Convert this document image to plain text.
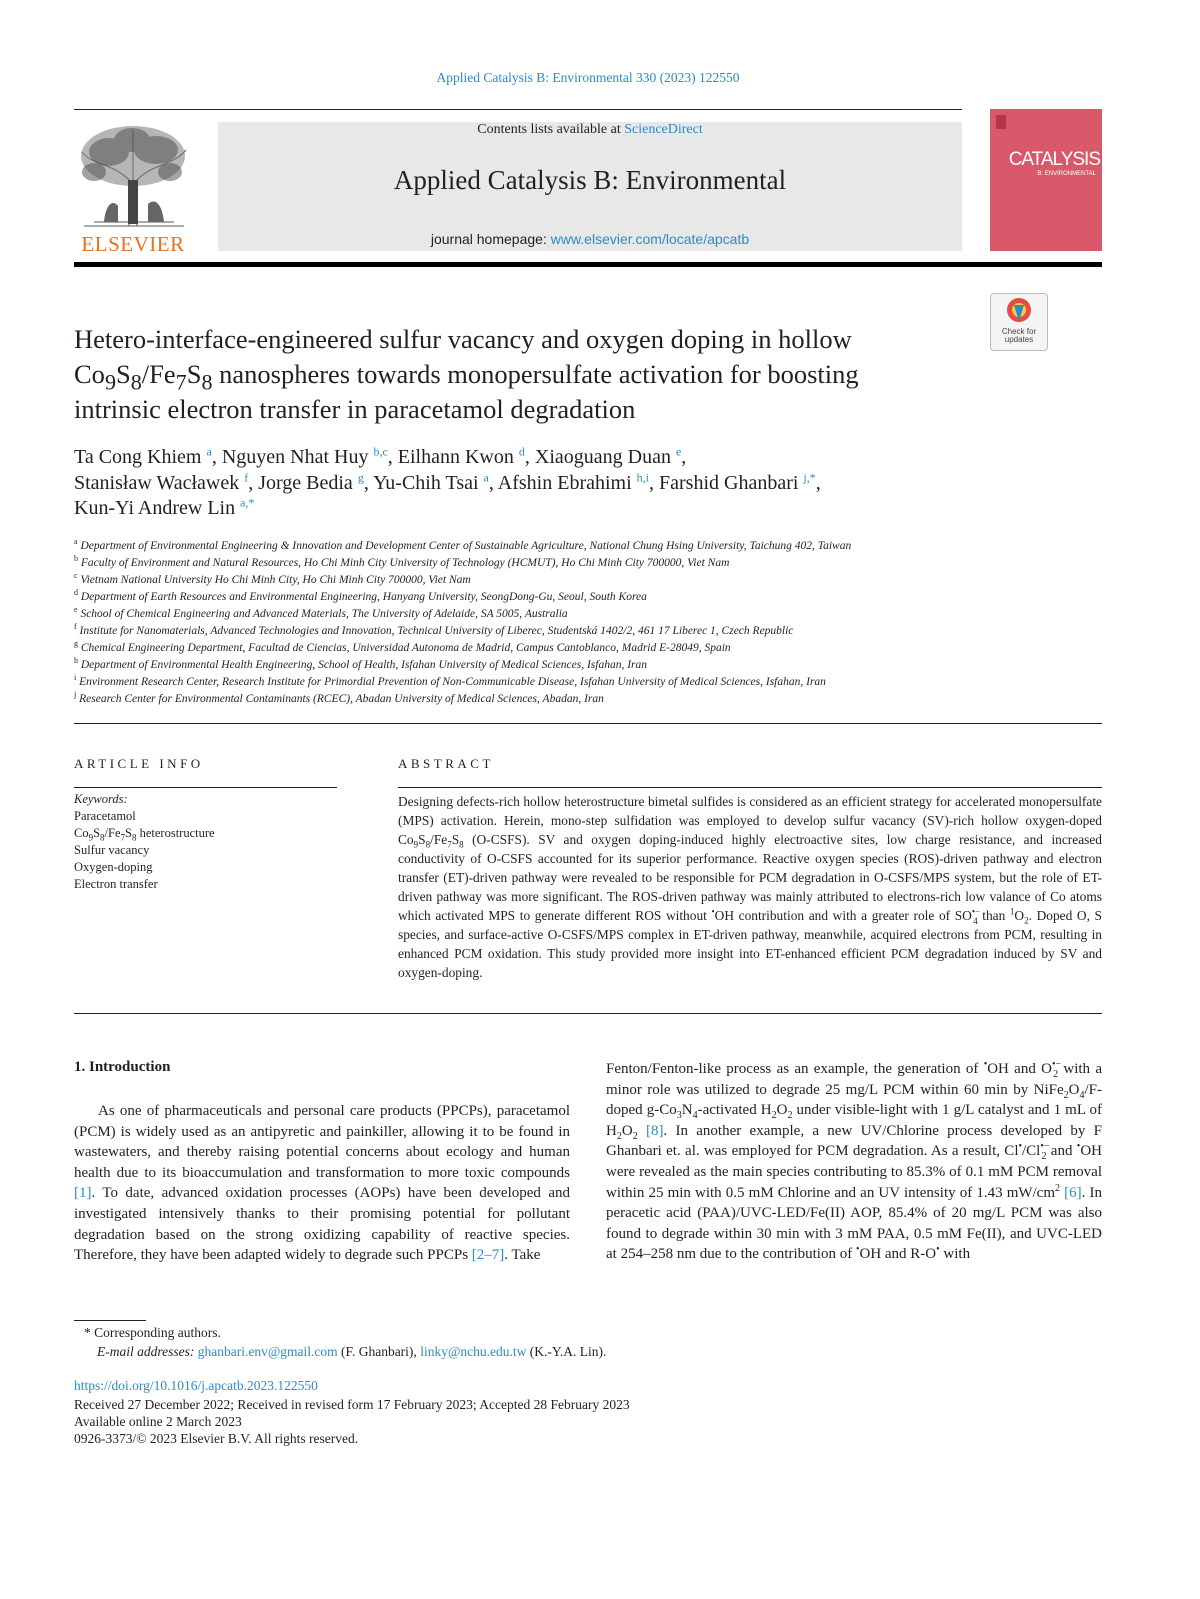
Applied Catalysis B: Environmental 330 (2023) 122550
ELSEVIER
Contents lists available at ScienceDirect
Applied Catalysis B: Environmental
journal homepage: www.elsevier.com/locate/apcatb
CATALYSIS
B: ENVIRONMENTAL
Check for updates
Hetero-interface-engineered sulfur vacancy and oxygen doping in hollow
$Co_9S_8/Fe_7S_8$ nanospheres towards monopersulfate activation for boosting
intrinsic electron transfer in paracetamol degradation
Ta Cong Khiem $^a$, Nguyen Nhat Huy $^{b,c}$, Eilhann Kwon $^d$, Xiaoguang Duan $^e$,
Stanisław Wacławek $^f$, Jorge Bedia $^g$, Yu-Chih Tsai $^a$, Afshin Ebrahimi $^{h,i}$, Farshid Ghanbari $^{j,*}$,
Kun-Yi Andrew Lin $^{a,*}$
$^a$ Department of Environmental Engineering & Innovation and Development Center of Sustainable Agriculture, National Chung Hsing University, Taichung 402, Taiwan
$^b$ Faculty of Environment and Natural Resources, Ho Chi Minh City University of Technology (HCMUT), Ho Chi Minh City 700000, Viet Nam
$^c$ Vietnam National University Ho Chi Minh City, Ho Chi Minh City 700000, Viet Nam
$^d$ Department of Earth Resources and Environmental Engineering, Hanyang University, SeongDong-Gu, Seoul, South Korea
$^e$ School of Chemical Engineering and Advanced Materials, The University of Adelaide, SA 5005, Australia
$^f$ Institute for Nanomaterials, Advanced Technologies and Innovation, Technical University of Liberec, Studentská 1402/2, 461 17 Liberec 1, Czech Republic
$^g$ Chemical Engineering Department, Facultad de Ciencias, Universidad Autonoma de Madrid, Campus Cantoblanco, Madrid E-28049, Spain
$^h$ Department of Environmental Health Engineering, School of Health, Isfahan University of Medical Sciences, Isfahan, Iran
$^i$ Environment Research Center, Research Institute for Primordial Prevention of Non-Communicable Disease, Isfahan University of Medical Sciences, Isfahan, Iran
$^j$ Research Center for Environmental Contaminants (RCEC), Abadan University of Medical Sciences, Abadan, Iran
ARTICLE INFO
Keywords:
Paracetamol
$Co_9S_8/Fe_7S_8$ heterostructure
Sulfur vacancy
Oxygen-doping
Electron transfer
ABSTRACT
Designing defects-rich hollow heterostructure bimetal sulfides is considered as an efficient strategy for accelerated monopersulfate (MPS) activation. Herein, mono-step sulfidation was employed to develop sulfur vacancy (SV)-rich hollow oxygen-doped $Co_9S_8/Fe_7S_8$ (O-CSFS). SV and oxygen doping-induced highly electroactive sites, low charge resistance, and increased conductivity of O-CSFS accounted for its superior performance. Reactive oxygen species (ROS)-driven pathway and electron transfer (ET)-driven pathway were revealed to be responsible for PCM degradation in O-CSFS/MPS system, but the role of ET-driven pathway was more significant. The ROS-driven pathway was mainly attributed to electrons-rich low valance of Co atoms which activated MPS to generate different ROS without •OH contribution and with a greater role of $SO^{•-}_4$ than $^1O_2$. Doped O, S species, and surface-active O-CSFS/MPS complex in ET-driven pathway, meanwhile, acquired electrons from PCM, resulting in enhanced PCM oxidation. This study provided more insight into ET-enhanced efficient PCM degradation induced by SV and oxygen-doping.
1. Introduction
As one of pharmaceuticals and personal care products (PPCPs), paracetamol (PCM) is widely used as an antipyretic and painkiller, allowing it to be found in wastewaters, and thereby raising potential concerns about ecology and human health due to its bioaccumulation and transformation to more toxic compounds [1]. To date, advanced oxidation processes (AOPs) have been developed and investigated intensively thanks to their promising potential for pollutant degradation based on the strong oxidizing capability of reactive species. Therefore, they have been adapted widely to degrade such PPCPs [2–7]. Take
Fenton/Fenton-like process as an example, the generation of •OH and $O^{•-}_2$ with a minor role was utilized to degrade 25 mg/L PCM within 60 min by $NiFe_2O_4/F$-doped $g-Co_3N_4$-activated $H_2O_2$ under visible-light with 1 g/L catalyst and 1 mL of $H_2O_2$ [8]. In another example, a new UV/Chlorine process developed by F Ghanbari et. al. was employed for PCM degradation. As a result, $Cl^•/Cl^{•-}_2$ and •OH were revealed as the main species contributing to 85.3% of 0.1 mM PCM removal within 25 min with 0.5 mM Chlorine and an UV intensity of 1.43 $mW/cm^2$ [6]. In peracetic acid (PAA)/UVC-LED/Fe(II) AOP, 85.4% of 20 mg/L PCM was also found to degrade within 30 min with 3 mM PAA, 0.5 mM Fe(II), and UVC-LED at 254–258 nm due to the contribution of •OH and R-O• with
* Corresponding authors.
E-mail addresses: ghanbari.env@gmail.com (F. Ghanbari), linky@nchu.edu.tw (K.-Y.A. Lin).
https://doi.org/10.1016/j.apcatb.2023.122550
Received 27 December 2022; Received in revised form 17 February 2023; Accepted 28 February 2023
Available online 2 March 2023
0926-3373/© 2023 Elsevier B.V. All rights reserved.
